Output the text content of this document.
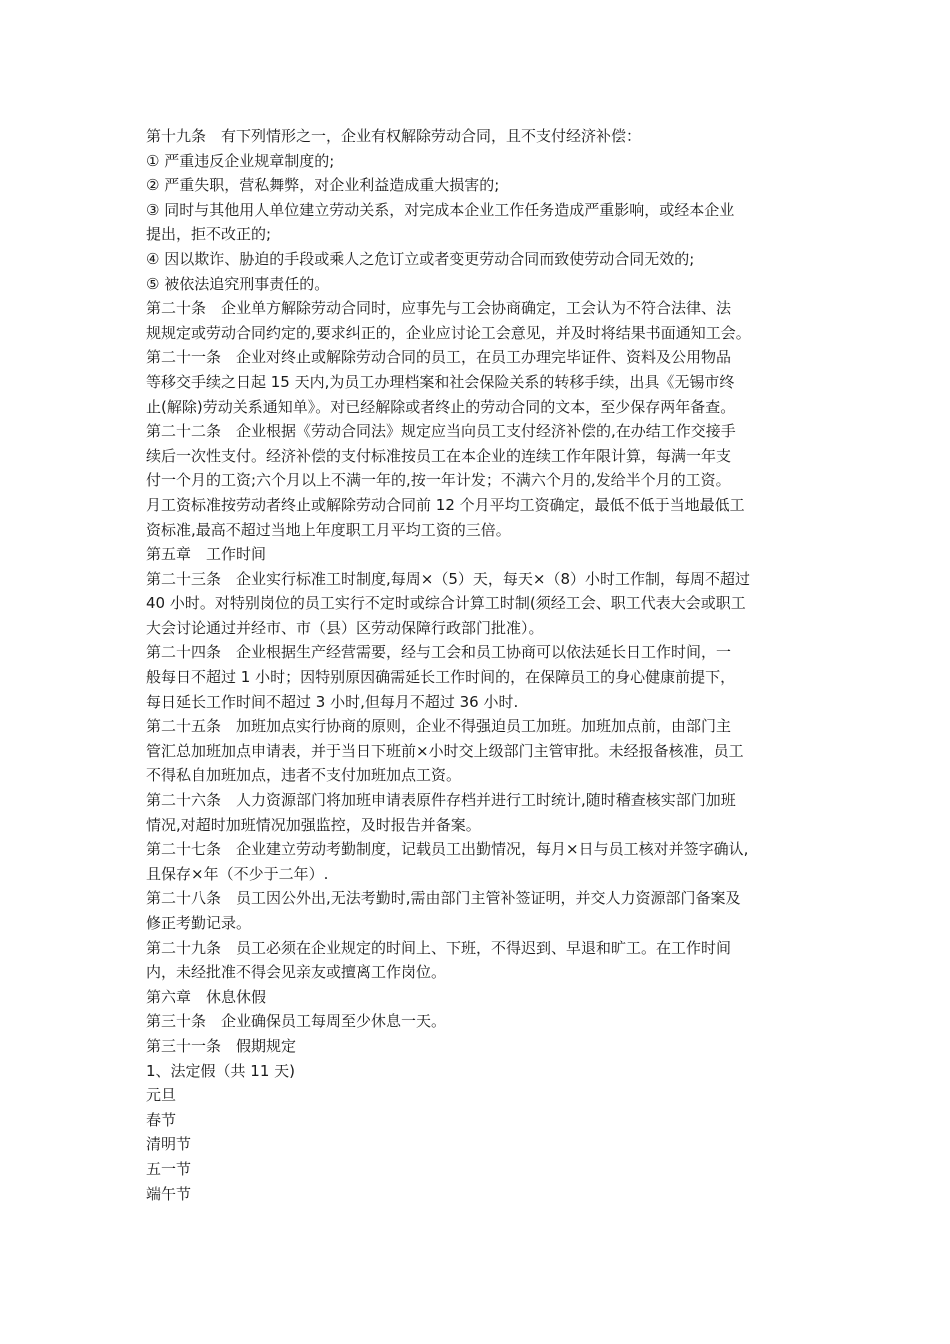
第十九条　有下列情形之一，企业有权解除劳动合同，且不支付经济补偿：
① 严重违反企业规章制度的;
② 严重失职，营私舞弊，对企业利益造成重大损害的;
③ 同时与其他用人单位建立劳动关系，对完成本企业工作任务造成严重影响，或经本企业
提出，拒不改正的;
④ 因以欺诈、胁迫的手段或乘人之危订立或者变更劳动合同而致使劳动合同无效的;
⑤ 被依法追究刑事责任的。
第二十条　企业单方解除劳动合同时，应事先与工会协商确定，工会认为不符合法律、法
规规定或劳动合同约定的,要求纠正的，企业应讨论工会意见，并及时将结果书面通知工会。
第二十一条　企业对终止或解除劳动合同的员工，在员工办理完毕证件、资料及公用物品
等移交手续之日起 15 天内,为员工办理档案和社会保险关系的转移手续，出具《无锡市终
止(解除)劳动关系通知单》。对已经解除或者终止的劳动合同的文本，至少保存两年备查。
第二十二条　企业根据《劳动合同法》规定应当向员工支付经济补偿的,在办结工作交接手
续后一次性支付。经济补偿的支付标准按员工在本企业的连续工作年限计算，每满一年支
付一个月的工资;六个月以上不满一年的,按一年计发；不满六个月的,发给半个月的工资。
月工资标准按劳动者终止或解除劳动合同前 12 个月平均工资确定，最低不低于当地最低工
资标准,最高不超过当地上年度职工月平均工资的三倍。
第五章　工作时间
第二十三条　企业实行标准工时制度,每周×（5）天，每天×（8）小时工作制，每周不超过
40 小时。对特别岗位的员工实行不定时或综合计算工时制(须经工会、职工代表大会或职工
大会讨论通过并经市、市（县）区劳动保障行政部门批准）。
第二十四条　企业根据生产经营需要，经与工会和员工协商可以依法延长日工作时间，一
般每日不超过 1 小时；因特别原因确需延长工作时间的，在保障员工的身心健康前提下，
每日延长工作时间不超过 3 小时,但每月不超过 36 小时.
第二十五条　加班加点实行协商的原则，企业不得强迫员工加班。加班加点前，由部门主
管汇总加班加点申请表，并于当日下班前×小时交上级部门主管审批。未经报备核准，员工
不得私自加班加点，违者不支付加班加点工资。
第二十六条　人力资源部门将加班申请表原件存档并进行工时统计,随时稽查核实部门加班
情况,对超时加班情况加强监控，及时报告并备案。
第二十七条　企业建立劳动考勤制度，记载员工出勤情况，每月×日与员工核对并签字确认,
且保存×年（不少于二年）.
第二十八条　员工因公外出,无法考勤时,需由部门主管补签证明，并交人力资源部门备案及
修正考勤记录。
第二十九条　员工必须在企业规定的时间上、下班，不得迟到、早退和旷工。在工作时间
内，未经批准不得会见亲友或擅离工作岗位。
第六章　休息休假
第三十条　企业确保员工每周至少休息一天。
第三十一条　假期规定
1、法定假（共 11 天)
元旦
春节
清明节
五一节
端午节
